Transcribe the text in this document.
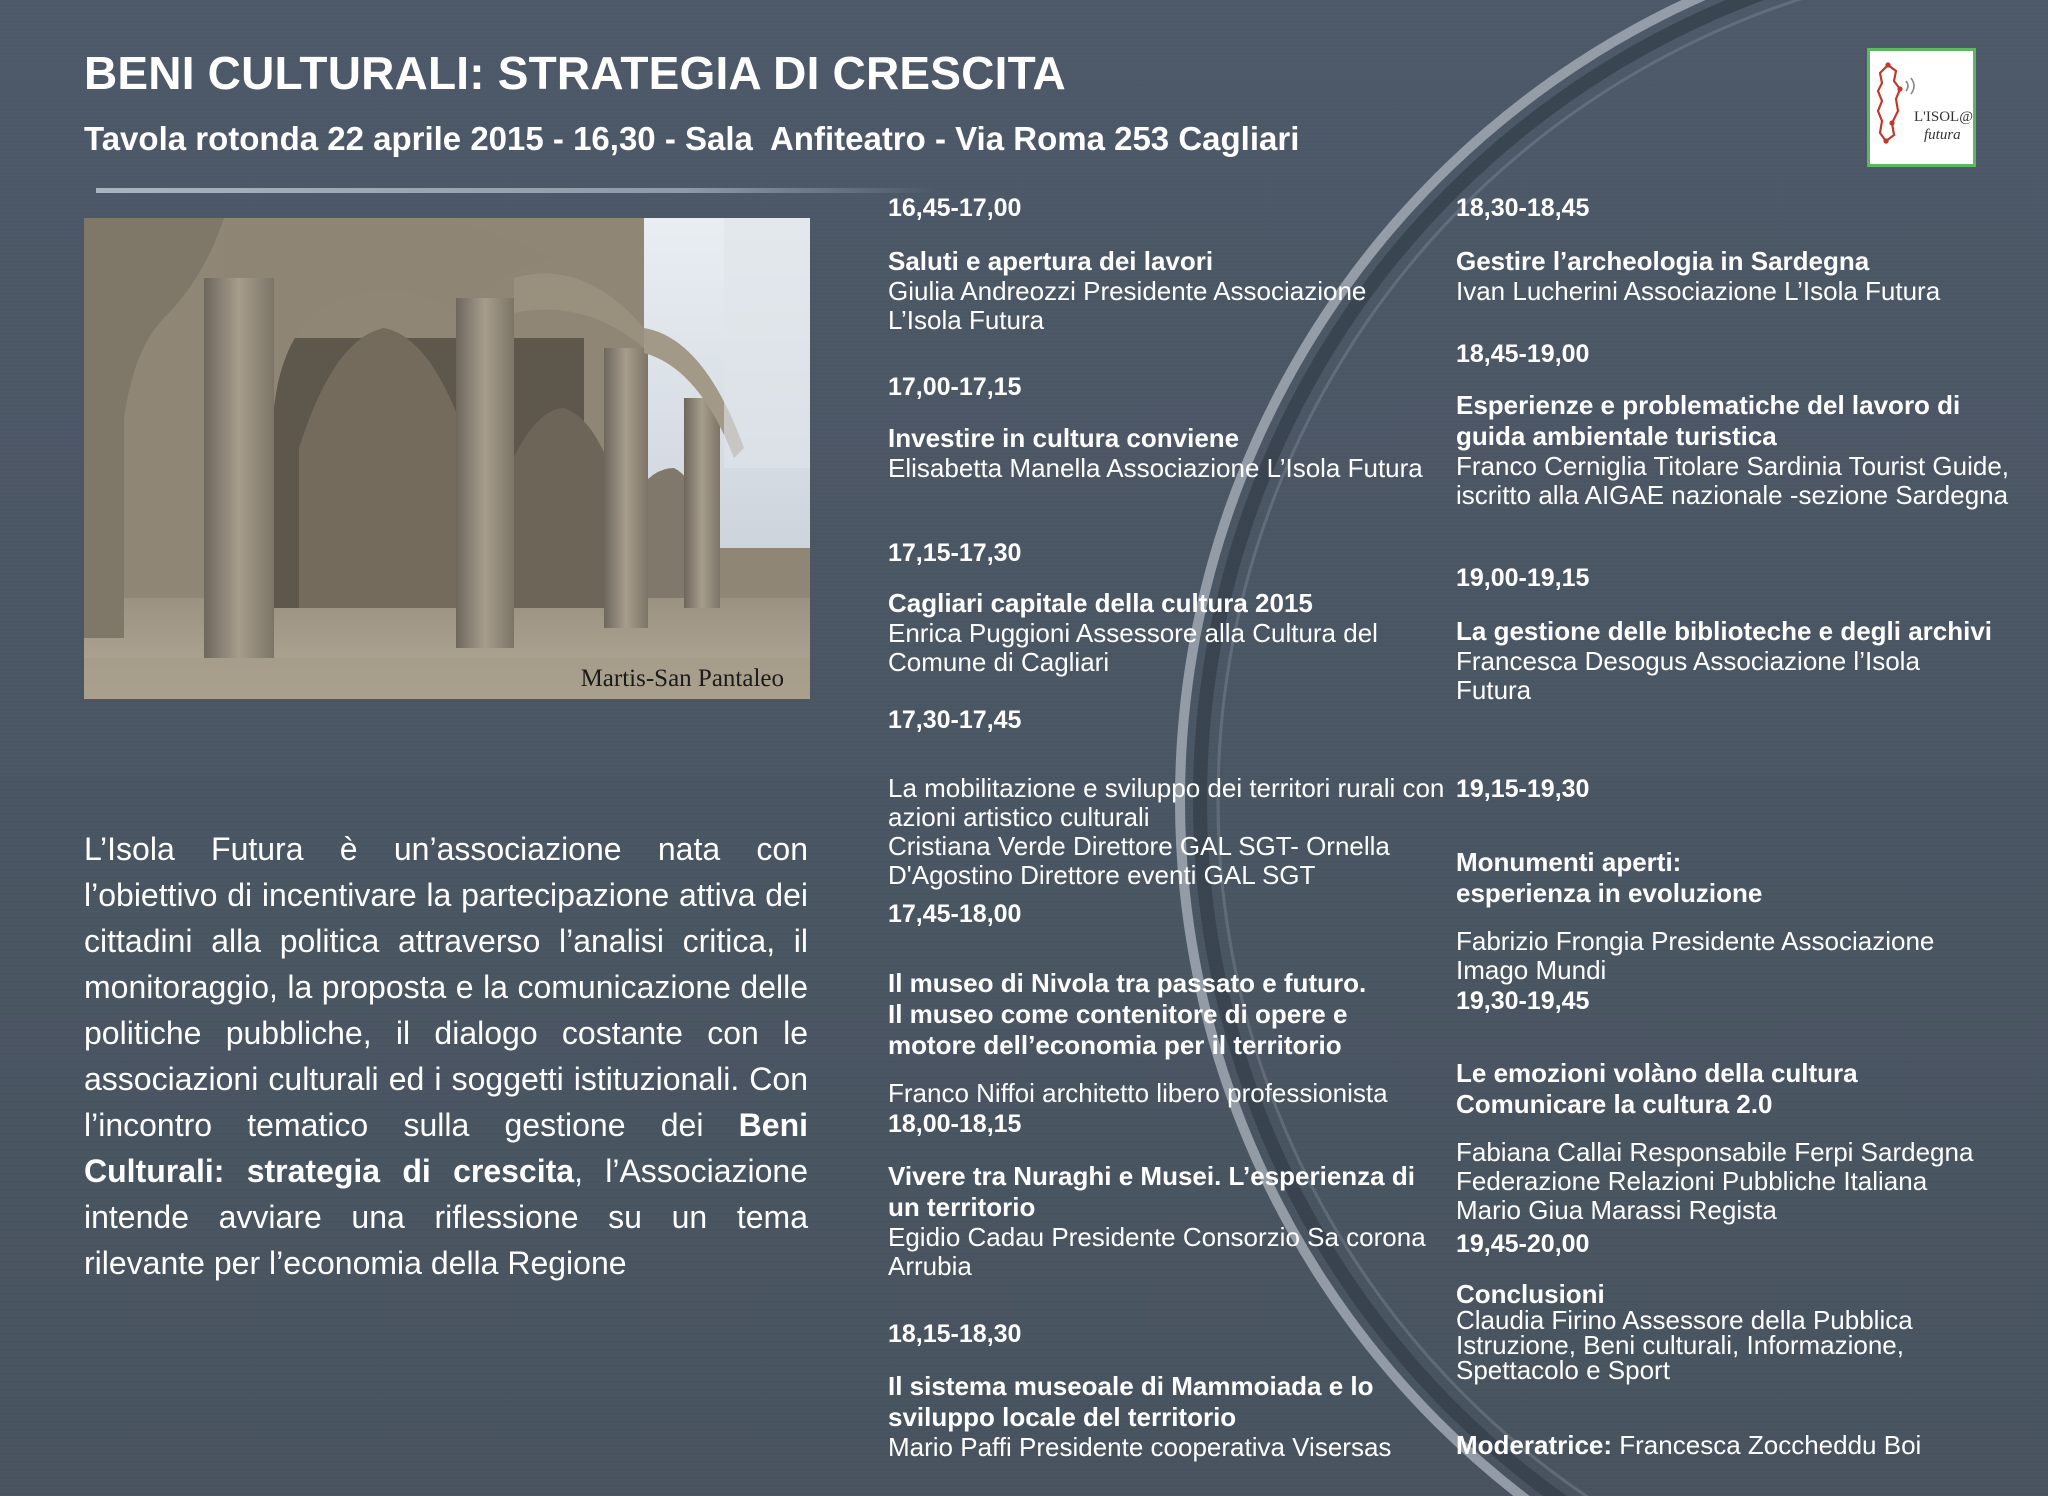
BENI CULTURALI: STRATEGIA DI CRESCITA

Tavola rotonda 22 aprile 2015 - 16,30 - Sala  Anfiteatro - Via Roma 253 Cagliari

L'ISOL@
futura
Martis-San Pantaleo
L’Isola Futura è un’associazione nata con l’obiettivo di incentivare la partecipazione attiva dei cittadini alla politica attraverso l’analisi critica, il monitoraggio, la proposta e la comunicazione delle politiche pubbliche, il dialogo costante con le associazioni culturali ed i soggetti istituzionali. Con l’incontro tematico sulla gestione dei Beni Culturali: strategia di crescita, l’Associazione intende avviare una riflessione su un tema rilevante per l’economia della Regione
16,45-17,00
Saluti e apertura dei lavori
Giulia Andreozzi Presidente Associazione L’Isola Futura
17,00-17,15
Investire in cultura conviene
Elisabetta Manella Associazione L’Isola Futura
17,15-17,30
Cagliari capitale della cultura 2015
Enrica Puggioni Assessore alla Cultura del Comune di Cagliari
17,30-17,45

La mobilitazione e sviluppo dei territori rurali con azioni artistico culturali
Cristiana Verde Direttore GAL SGT- Ornella D'Agostino Direttore eventi GAL SGT

17,45-18,00

Il museo di Nivola tra passato e futuro.
Il museo come contenitore di opere e motore dell’economia per il territorio

Franco Niffoi architetto libero professionista

18,00-18,15
Vivere tra Nuraghi e Musei. L’esperienza di un territorio
Egidio Cadau Presidente Consorzio Sa corona Arrubia
18,15-18,30
Il sistema museoale di Mammoiada e lo sviluppo locale del territorio
Mario Paffi Presidente cooperativa Visersas
18,30-18,45
Gestire l’archeologia in Sardegna
Ivan Lucherini Associazione L’Isola Futura
18,45-19,00
Esperienze e problematiche del lavoro di guida ambientale turistica
Franco Cerniglia Titolare Sardinia Tourist Guide, iscritto alla AIGAE nazionale -sezione Sardegna
19,00-19,15
La gestione delle biblioteche e degli archivi
Francesca Desogus Associazione l’Isola Futura
19,15-19,30

Monumenti aperti:
esperienza in evoluzione

Fabrizio Frongia Presidente Associazione Imago Mundi

19,30-19,45

Le emozioni volàno della cultura
Comunicare la cultura 2.0

Fabiana Callai Responsabile Ferpi Sardegna Federazione Relazioni Pubbliche Italiana
Mario Giua Marassi Regista

19,45-20,00
Conclusioni
Claudia Firino Assessore della Pubblica Istruzione, Beni culturali, Informazione, Spettacolo e Sport
Moderatrice: Francesca Zoccheddu Boi
